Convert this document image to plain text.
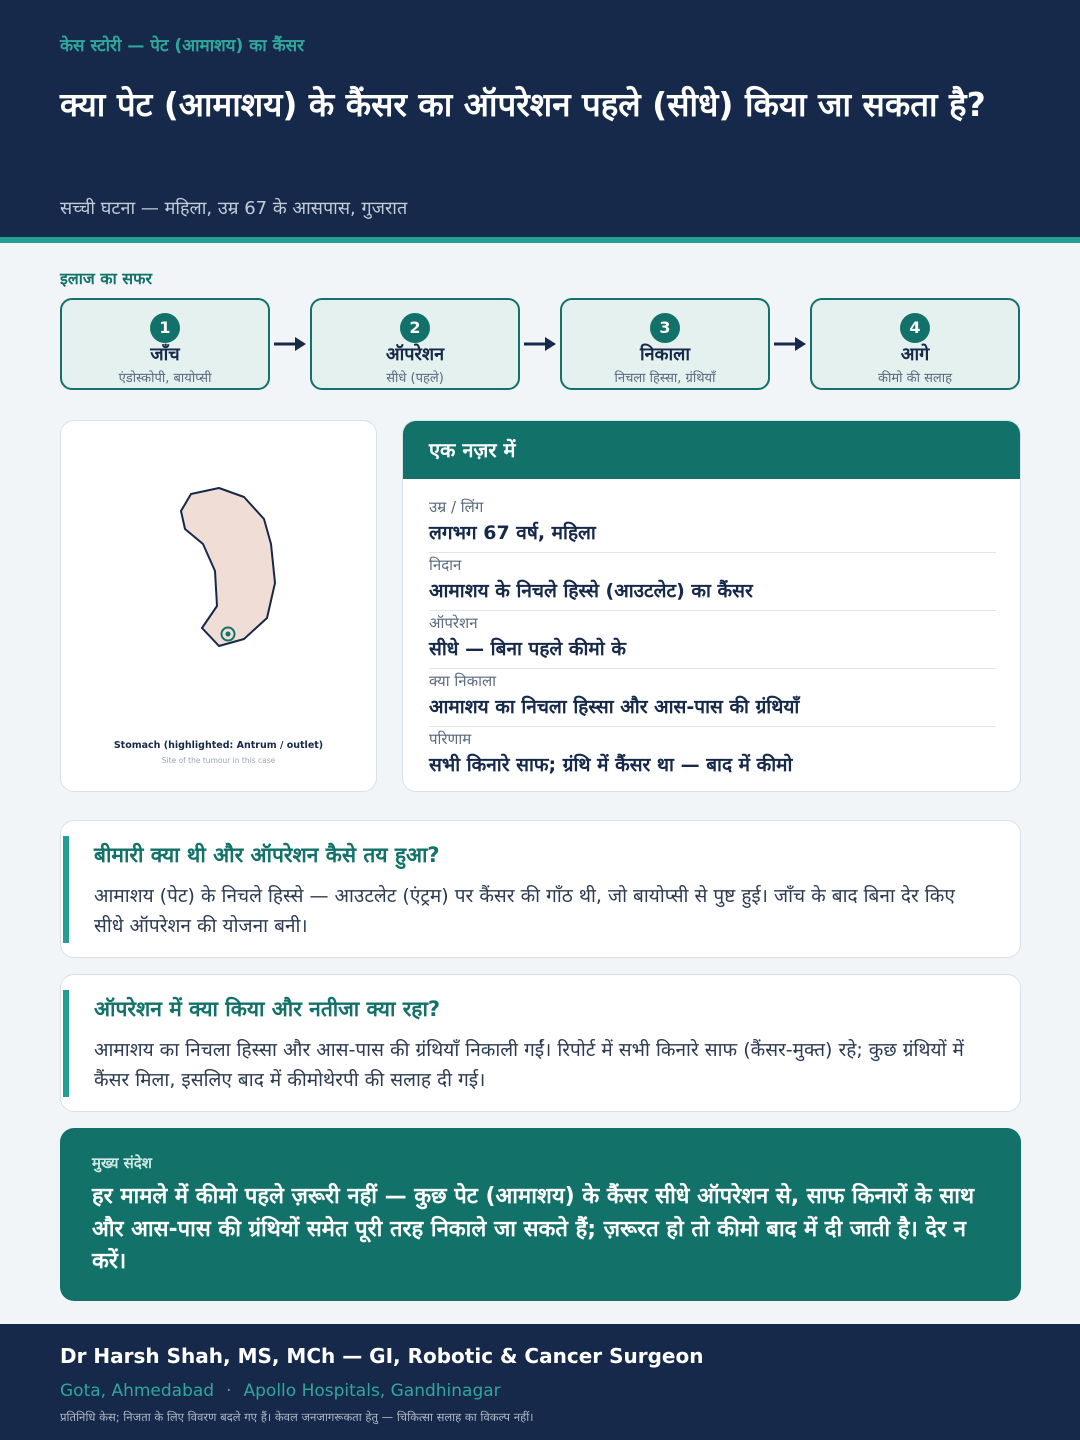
केस स्टोरी — पेट (आमाशय) का कैंसर
क्या पेट (आमाशय) के कैंसर का ऑपरेशन पहले (सीधे) किया जा सकता है?
सच्ची घटना — महिला, उम्र 67 के आसपास, गुजरात
इलाज का सफर
1
जाँच
एंडोस्कोपी, बायोप्सी
2
ऑपरेशन
सीधे (पहले)
3
निकाला
निचला हिस्सा, ग्रंथियाँ
4
आगे
कीमो की सलाह
Stomach (highlighted: Antrum / outlet)
Site of the tumour in this case
एक नज़र में
उम्र / लिंग
लगभग 67 वर्ष, महिला
निदान
आमाशय के निचले हिस्से (आउटलेट) का कैंसर
ऑपरेशन
सीधे — बिना पहले कीमो के
क्या निकाला
आमाशय का निचला हिस्सा और आस-पास की ग्रंथियाँ
परिणाम
सभी किनारे साफ; ग्रंथि में कैंसर था — बाद में कीमो
बीमारी क्या थी और ऑपरेशन कैसे तय हुआ?

आमाशय (पेट) के निचले हिस्से — आउटलेट (एंट्रम) पर कैंसर की गाँठ थी, जो बायोप्सी से पुष्ट हुई। जाँच के बाद बिना देर किए सीधे ऑपरेशन की योजना बनी।

ऑपरेशन में क्या किया और नतीजा क्या रहा?

आमाशय का निचला हिस्सा और आस-पास की ग्रंथियाँ निकाली गईं। रिपोर्ट में सभी किनारे साफ (कैंसर-मुक्त) रहे; कुछ ग्रंथियों में कैंसर मिला, इसलिए बाद में कीमोथेरपी की सलाह दी गई।

मुख्य संदेश
हर मामले में कीमो पहले ज़रूरी नहीं — कुछ पेट (आमाशय) के कैंसर सीधे ऑपरेशन से, साफ किनारों के साथ और आस-पास की ग्रंथियों समेत पूरी तरह निकाले जा सकते हैं; ज़रूरत हो तो कीमो बाद में दी जाती है। देर न करें।
Dr Harsh Shah, MS, MCh — GI, Robotic & Cancer Surgeon
Gota, Ahmedabad · Apollo Hospitals, Gandhinagar
प्रतिनिधि केस; निजता के लिए विवरण बदले गए हैं। केवल जनजागरूकता हेतु — चिकित्सा सलाह का विकल्प नहीं।
